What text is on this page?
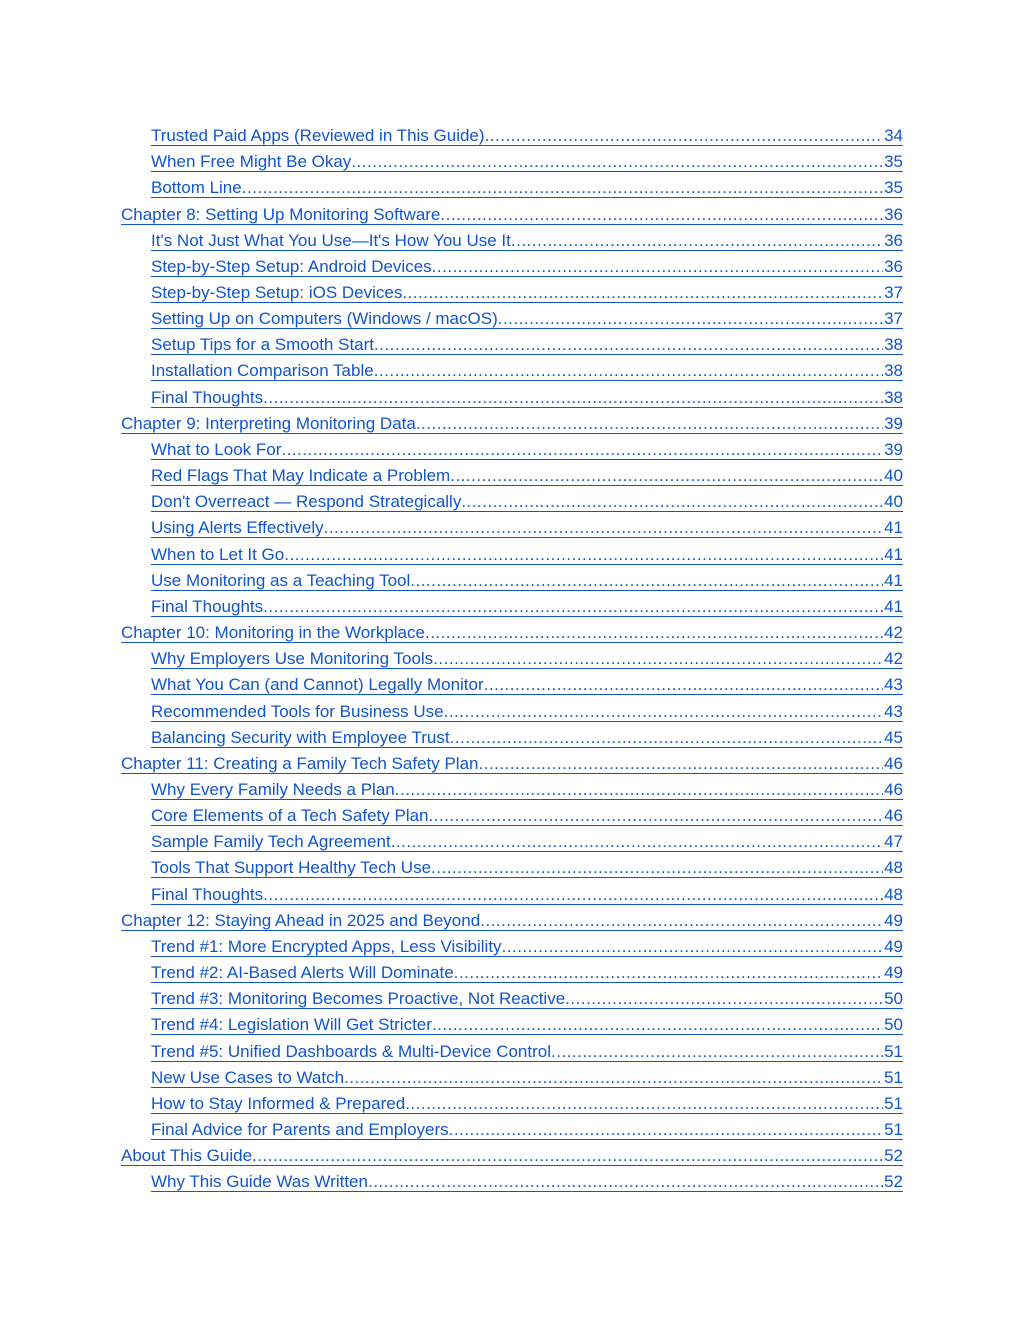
Trusted Paid Apps (Reviewed in This Guide) .....	34
When Free Might Be Okay .....	35
Bottom Line .....	35
Chapter 8: Setting Up Monitoring Software .....	36
It's Not Just What You Use—It's How You Use It .....	36
Step-by-Step Setup: Android Devices .....	36
Step-by-Step Setup: iOS Devices .....	37
Setting Up on Computers (Windows / macOS) .....	37
Setup Tips for a Smooth Start .....	38
Installation Comparison Table .....	38
Final Thoughts .....	38
Chapter 9: Interpreting Monitoring Data .....	39
What to Look For .....	39
Red Flags That May Indicate a Problem .....	40
Don't Overreact — Respond Strategically .....	40
Using Alerts Effectively .....	41
When to Let It Go .....	41
Use Monitoring as a Teaching Tool .....	41
Final Thoughts .....	41
Chapter 10: Monitoring in the Workplace .....	42
Why Employers Use Monitoring Tools .....	42
What You Can (and Cannot) Legally Monitor .....	43
Recommended Tools for Business Use .....	43
Balancing Security with Employee Trust .....	45
Chapter 11: Creating a Family Tech Safety Plan .....	46
Why Every Family Needs a Plan .....	46
Core Elements of a Tech Safety Plan .....	46
Sample Family Tech Agreement .....	47
Tools That Support Healthy Tech Use .....	48
Final Thoughts .....	48
Chapter 12: Staying Ahead in 2025 and Beyond .....	49
Trend #1: More Encrypted Apps, Less Visibility .....	49
Trend #2: AI-Based Alerts Will Dominate .....	49
Trend #3: Monitoring Becomes Proactive, Not Reactive .....	50
Trend #4: Legislation Will Get Stricter .....	50
Trend #5: Unified Dashboards & Multi-Device Control .....	51
New Use Cases to Watch .....	51
How to Stay Informed & Prepared .....	51
Final Advice for Parents and Employers .....	51
About This Guide .....	52
Why This Guide Was Written .....	52
